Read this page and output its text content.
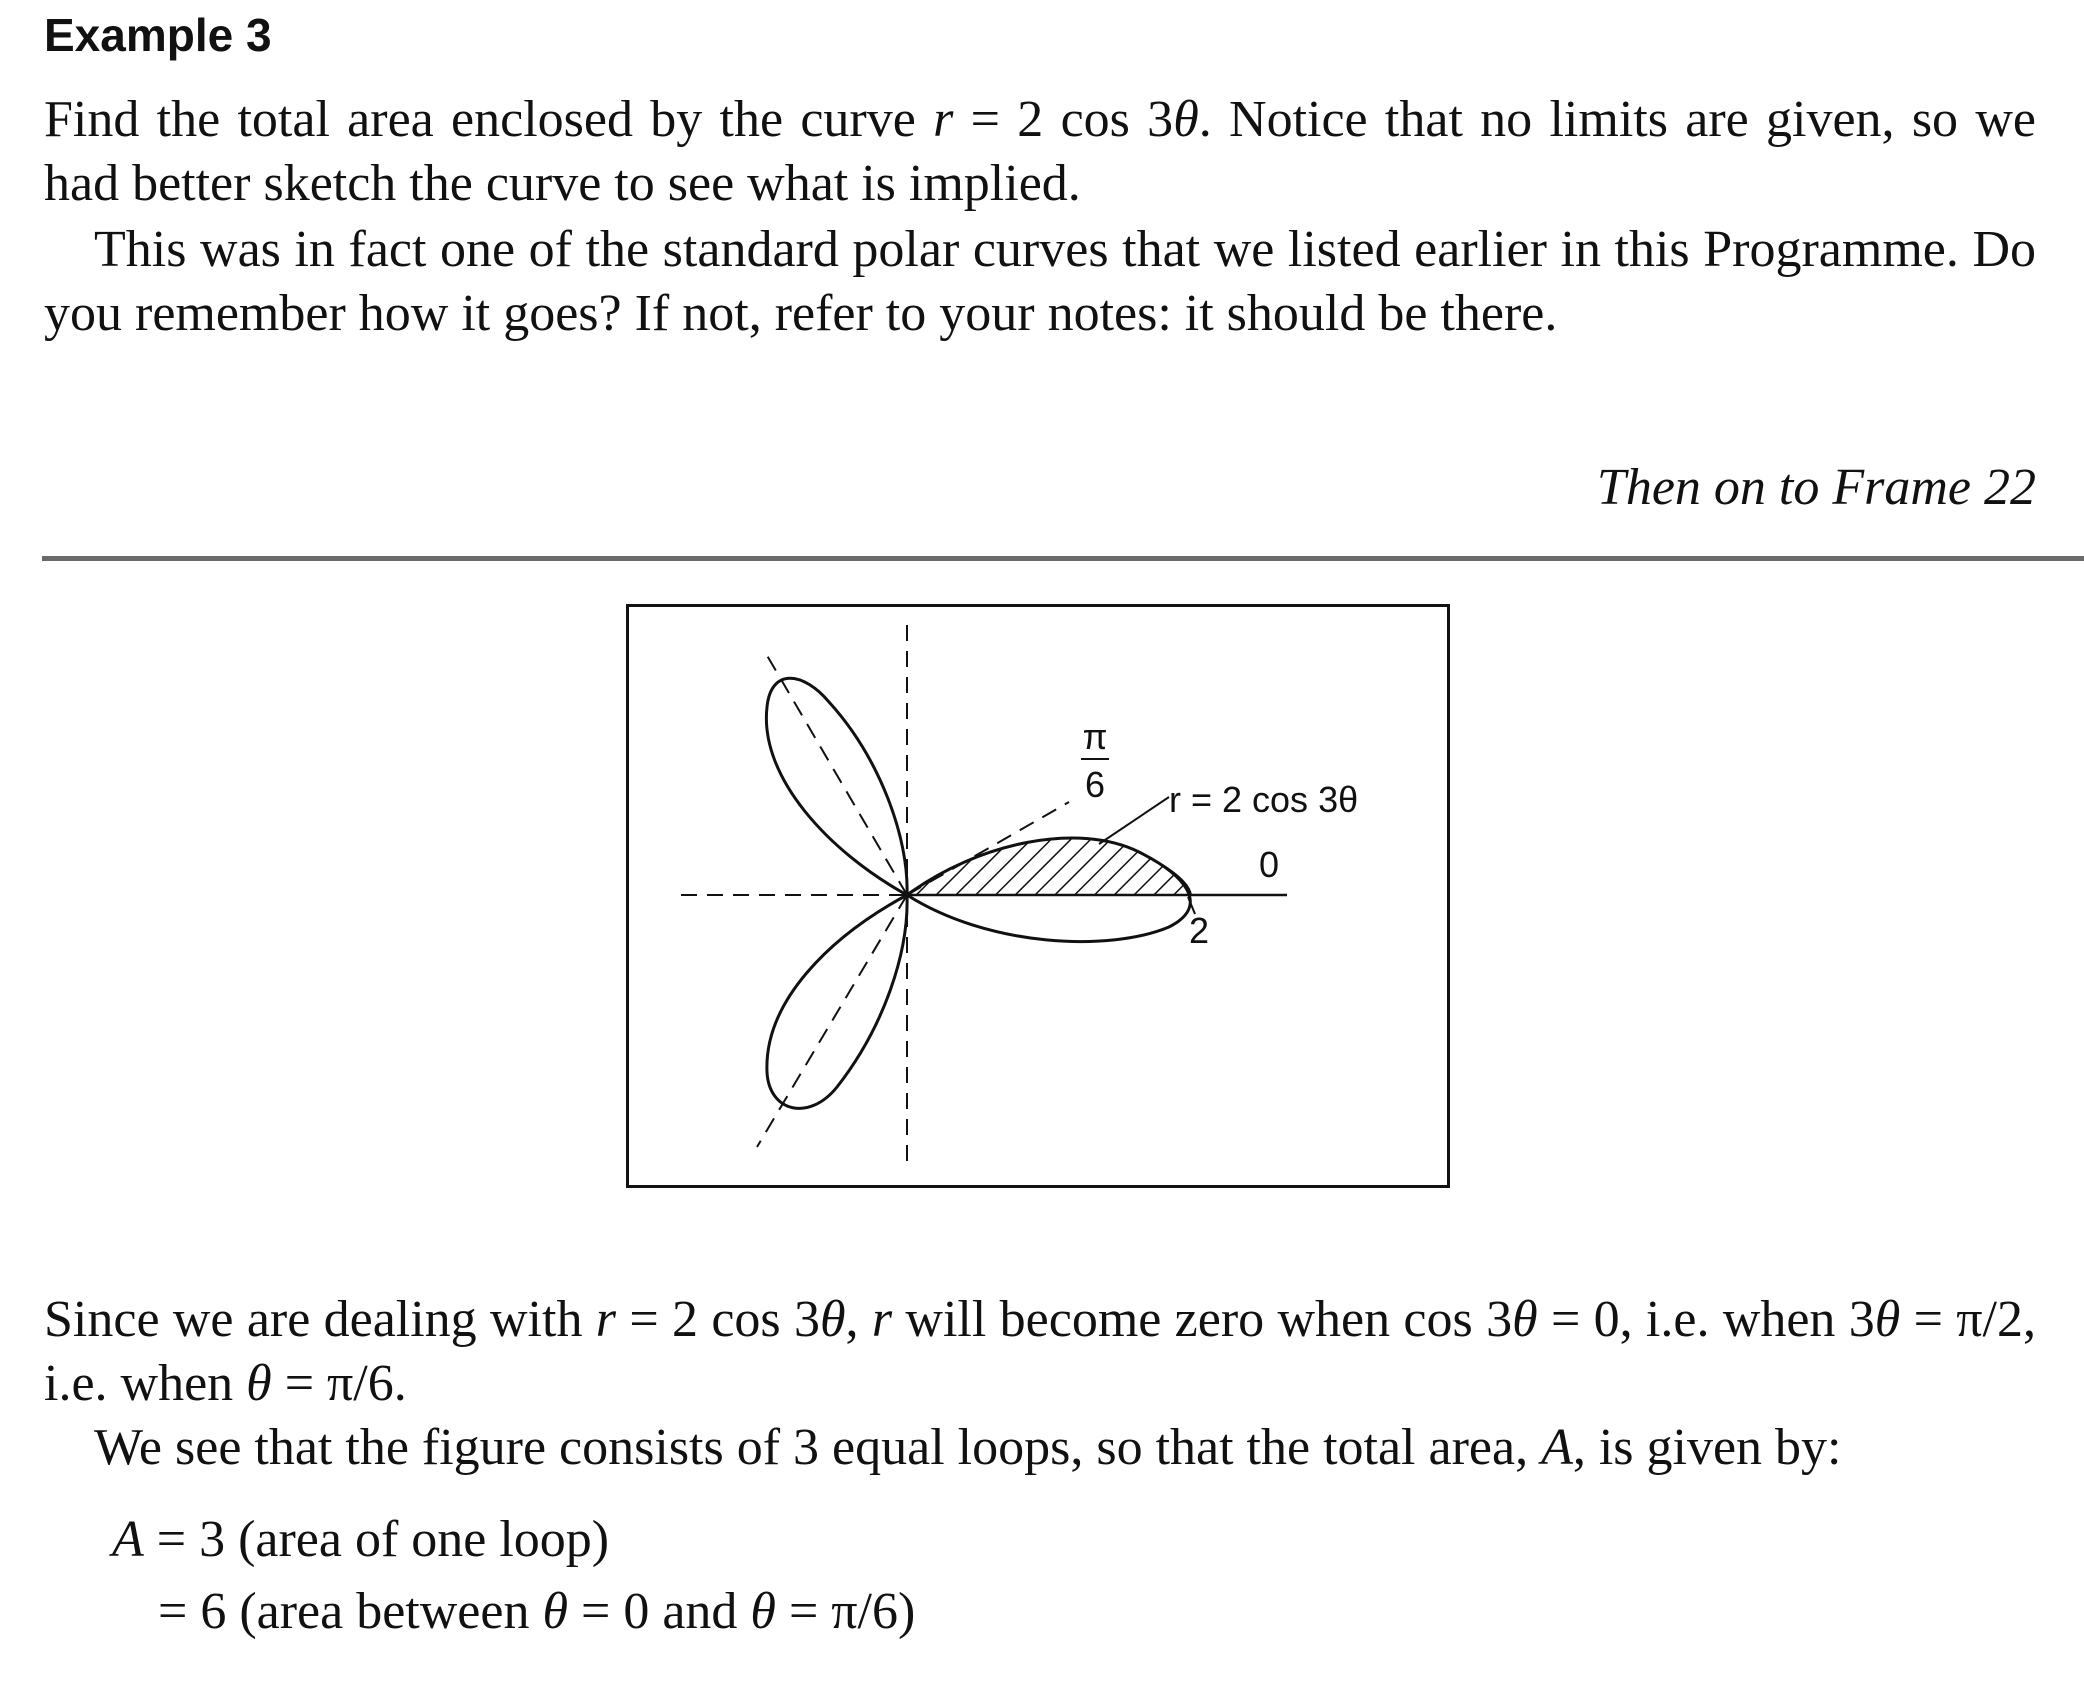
Example 3

Find the total area enclosed by the curve r = 2 cos 3θ. Notice that no limits are given, so we had better sketch the curve to see what is implied.

This was in fact one of the standard polar curves that we listed earlier in this Programme. Do you remember how it goes? If not, refer to your notes: it should be there.

Then on to Frame 22

π
6 r = 2 cos 3θ
0
2

Since we are dealing with r = 2 cos 3θ, r will become zero when cos 3θ = 0, i.e. when 3θ = π/2, i.e. when θ = π/6.

We see that the figure consists of 3 equal loops, so that the total area, A, is given by:

A = 3 (area of one loop)

= 6 (area between θ = 0 and θ = π/6)
